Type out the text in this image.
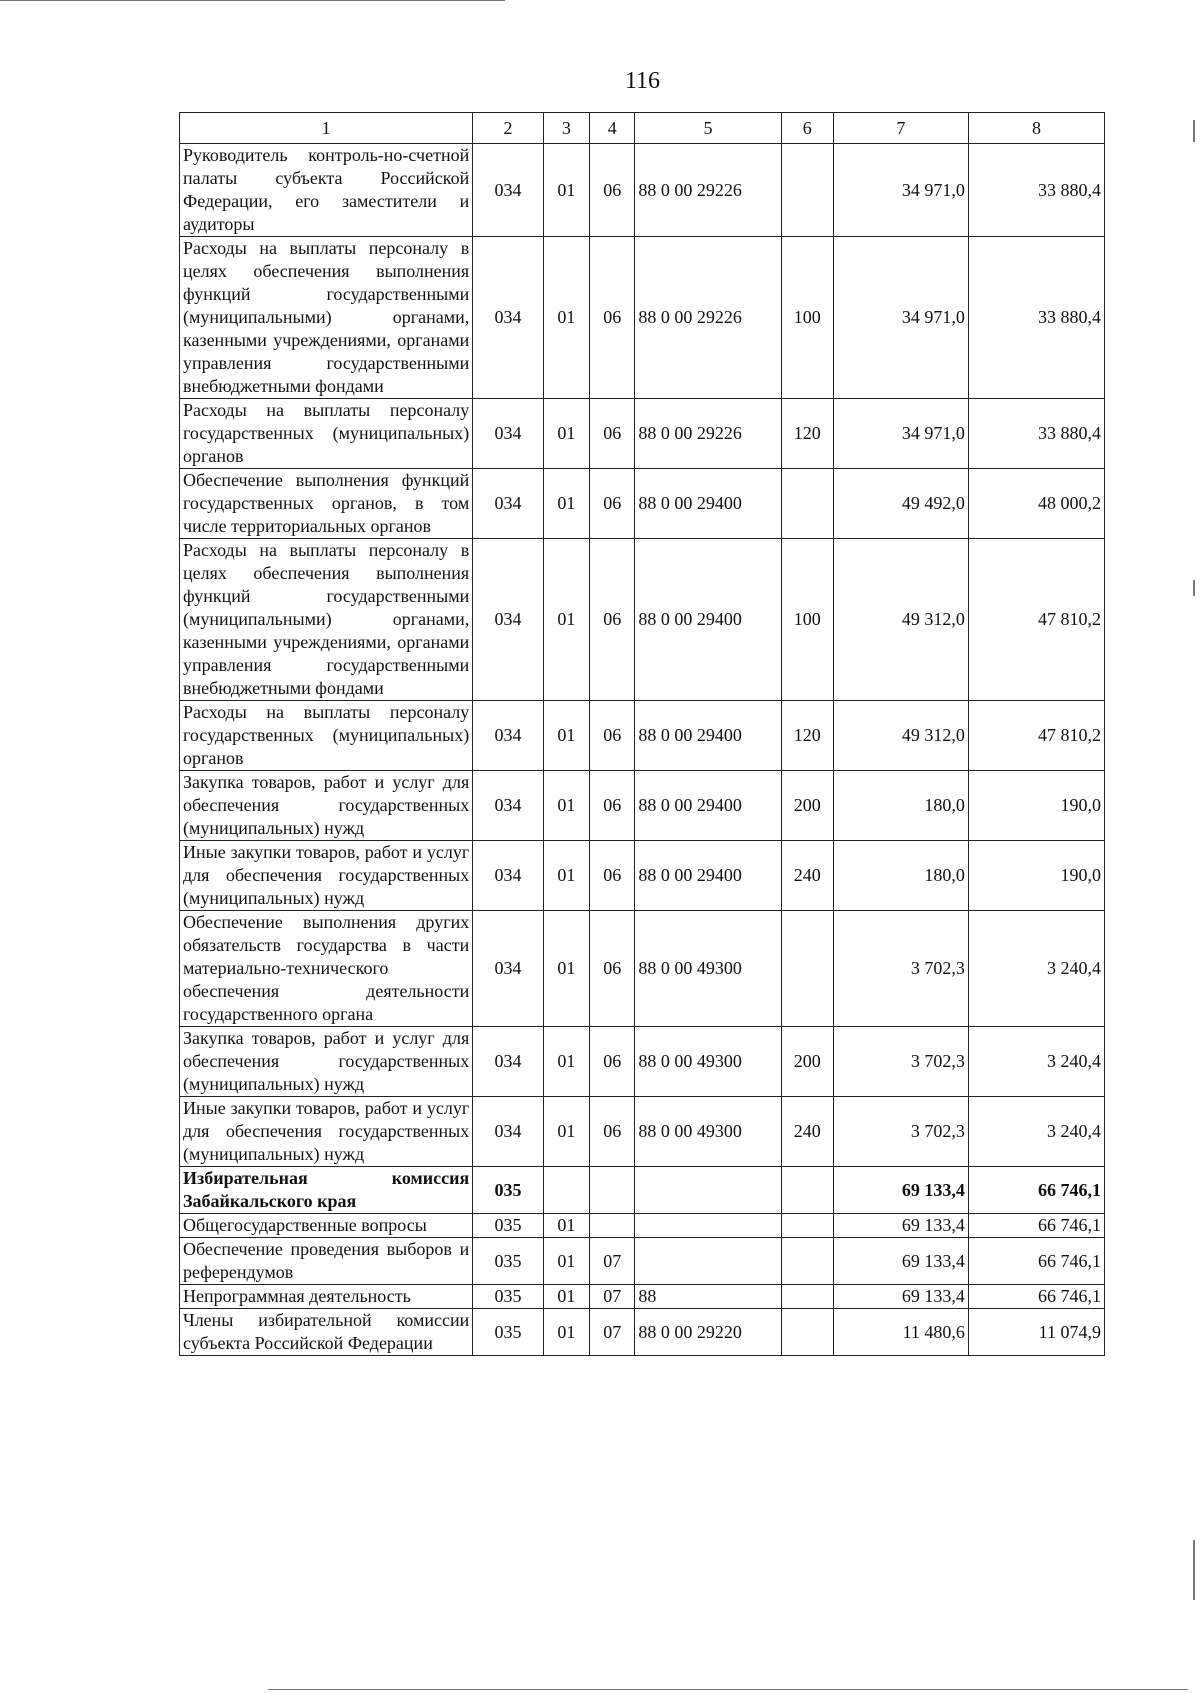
116
1	2	3	4	5	6	7	8
Руководитель контроль-но-счетной палаты субъекта Российской Федерации, его заместители и аудиторы	034	01	06	88 0 00 29226		34 971,0	33 880,4
Расходы на выплаты персоналу в целях обеспечения выполнения функций государственными (муниципальными) органами, казенными учреждениями, органами управления государственными внебюджетными фондами	034	01	06	88 0 00 29226	100	34 971,0	33 880,4
Расходы на выплаты персоналу государственных (муниципальных) органов	034	01	06	88 0 00 29226	120	34 971,0	33 880,4
Обеспечение выполнения функций государственных органов, в том числе территориальных органов	034	01	06	88 0 00 29400		49 492,0	48 000,2
Расходы на выплаты персоналу в целях обеспечения выполнения функций государственными (муниципальными) органами, казенными учреждениями, органами управления государственными внебюджетными фондами	034	01	06	88 0 00 29400	100	49 312,0	47 810,2
Расходы на выплаты персоналу государственных (муниципальных) органов	034	01	06	88 0 00 29400	120	49 312,0	47 810,2
Закупка товаров, работ и услуг для обеспечения государственных (муниципальных) нужд	034	01	06	88 0 00 29400	200	180,0	190,0
Иные закупки товаров, работ и услуг для обеспечения государственных (муниципальных) нужд	034	01	06	88 0 00 29400	240	180,0	190,0
Обеспечение выполнения других обязательств государства в части материально-технического обеспечения деятельности государственного органа	034	01	06	88 0 00 49300		3 702,3	3 240,4
Закупка товаров, работ и услуг для обеспечения государственных (муниципальных) нужд	034	01	06	88 0 00 49300	200	3 702,3	3 240,4
Иные закупки товаров, работ и услуг для обеспечения государственных (муниципальных) нужд	034	01	06	88 0 00 49300	240	3 702,3	3 240,4
Избирательная комиссия Забайкальского края	035					69 133,4	66 746,1
Общегосударственные вопросы	035	01				69 133,4	66 746,1
Обеспечение проведения выборов и референдумов	035	01	07			69 133,4	66 746,1
Непрограммная деятельность	035	01	07	88		69 133,4	66 746,1
Члены избирательной комиссии субъекта Российской Федерации	035	01	07	88 0 00 29220		11 480,6	11 074,9
